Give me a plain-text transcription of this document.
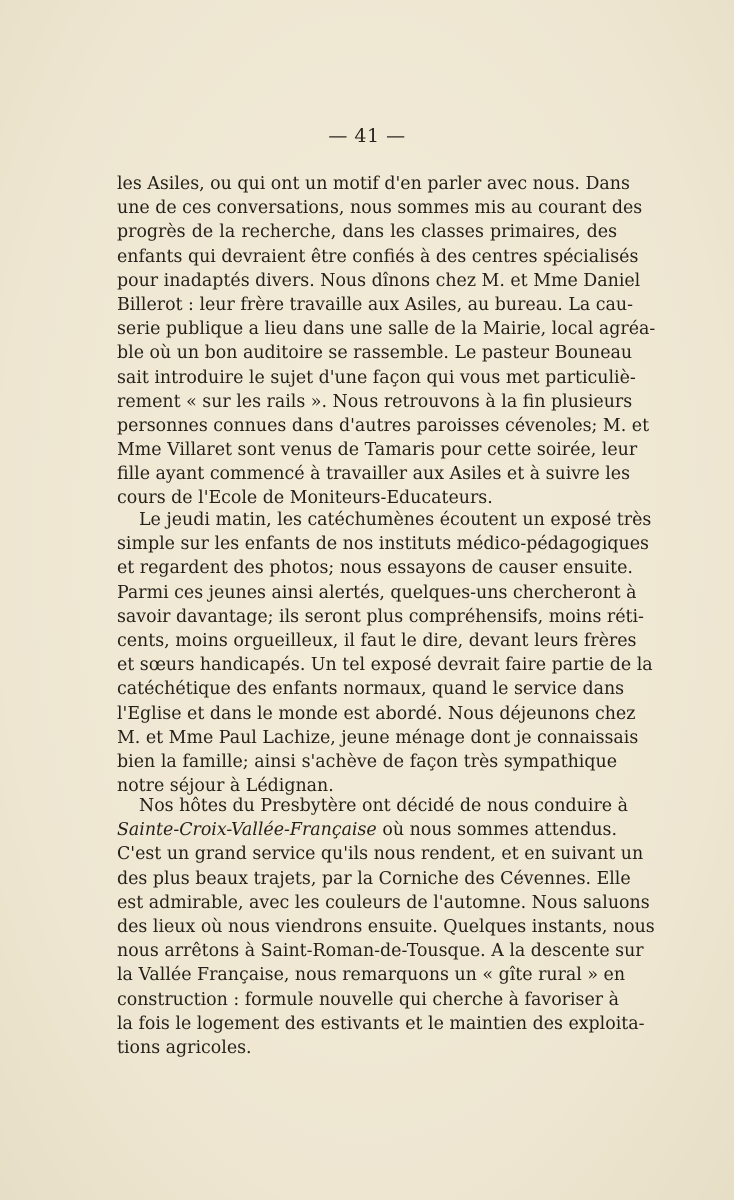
— 41 —
les Asiles, ou qui ont un motif d'en parler avec nous. Dans
une de ces conversations, nous sommes mis au courant des
progrès de la recherche, dans les classes primaires, des
enfants qui devraient être confiés à des centres spécialisés
pour inadaptés divers. Nous dînons chez M. et Mme Daniel
Billerot : leur frère travaille aux Asiles, au bureau. La cau-
serie publique a lieu dans une salle de la Mairie, local agréa-
ble où un bon auditoire se rassemble. Le pasteur Bouneau
sait introduire le sujet d'une façon qui vous met particuliè-
rement « sur les rails ». Nous retrouvons à la fin plusieurs
personnes connues dans d'autres paroisses cévenoles; M. et
Mme Villaret sont venus de Tamaris pour cette soirée, leur
fille ayant commencé à travailler aux Asiles et à suivre les
cours de l'Ecole de Moniteurs-Educateurs.
Le jeudi matin, les catéchumènes écoutent un exposé très
simple sur les enfants de nos instituts médico-pédagogiques
et regardent des photos; nous essayons de causer ensuite.
Parmi ces jeunes ainsi alertés, quelques-uns chercheront à
savoir davantage; ils seront plus compréhensifs, moins réti-
cents, moins orgueilleux, il faut le dire, devant leurs frères
et sœurs handicapés. Un tel exposé devrait faire partie de la
catéchétique des enfants normaux, quand le service dans
l'Eglise et dans le monde est abordé. Nous déjeunons chez
M. et Mme Paul Lachize, jeune ménage dont je connaissais
bien la famille; ainsi s'achève de façon très sympathique
notre séjour à Lédignan.
Nos hôtes du Presbytère ont décidé de nous conduire à
Sainte-Croix-Vallée-Française où nous sommes attendus.
C'est un grand service qu'ils nous rendent, et en suivant un
des plus beaux trajets, par la Corniche des Cévennes. Elle
est admirable, avec les couleurs de l'automne. Nous saluons
des lieux où nous viendrons ensuite. Quelques instants, nous
nous arrêtons à Saint-Roman-de-Tousque. A la descente sur
la Vallée Française, nous remarquons un « gîte rural » en
construction : formule nouvelle qui cherche à favoriser à
la fois le logement des estivants et le maintien des exploita-
tions agricoles.
